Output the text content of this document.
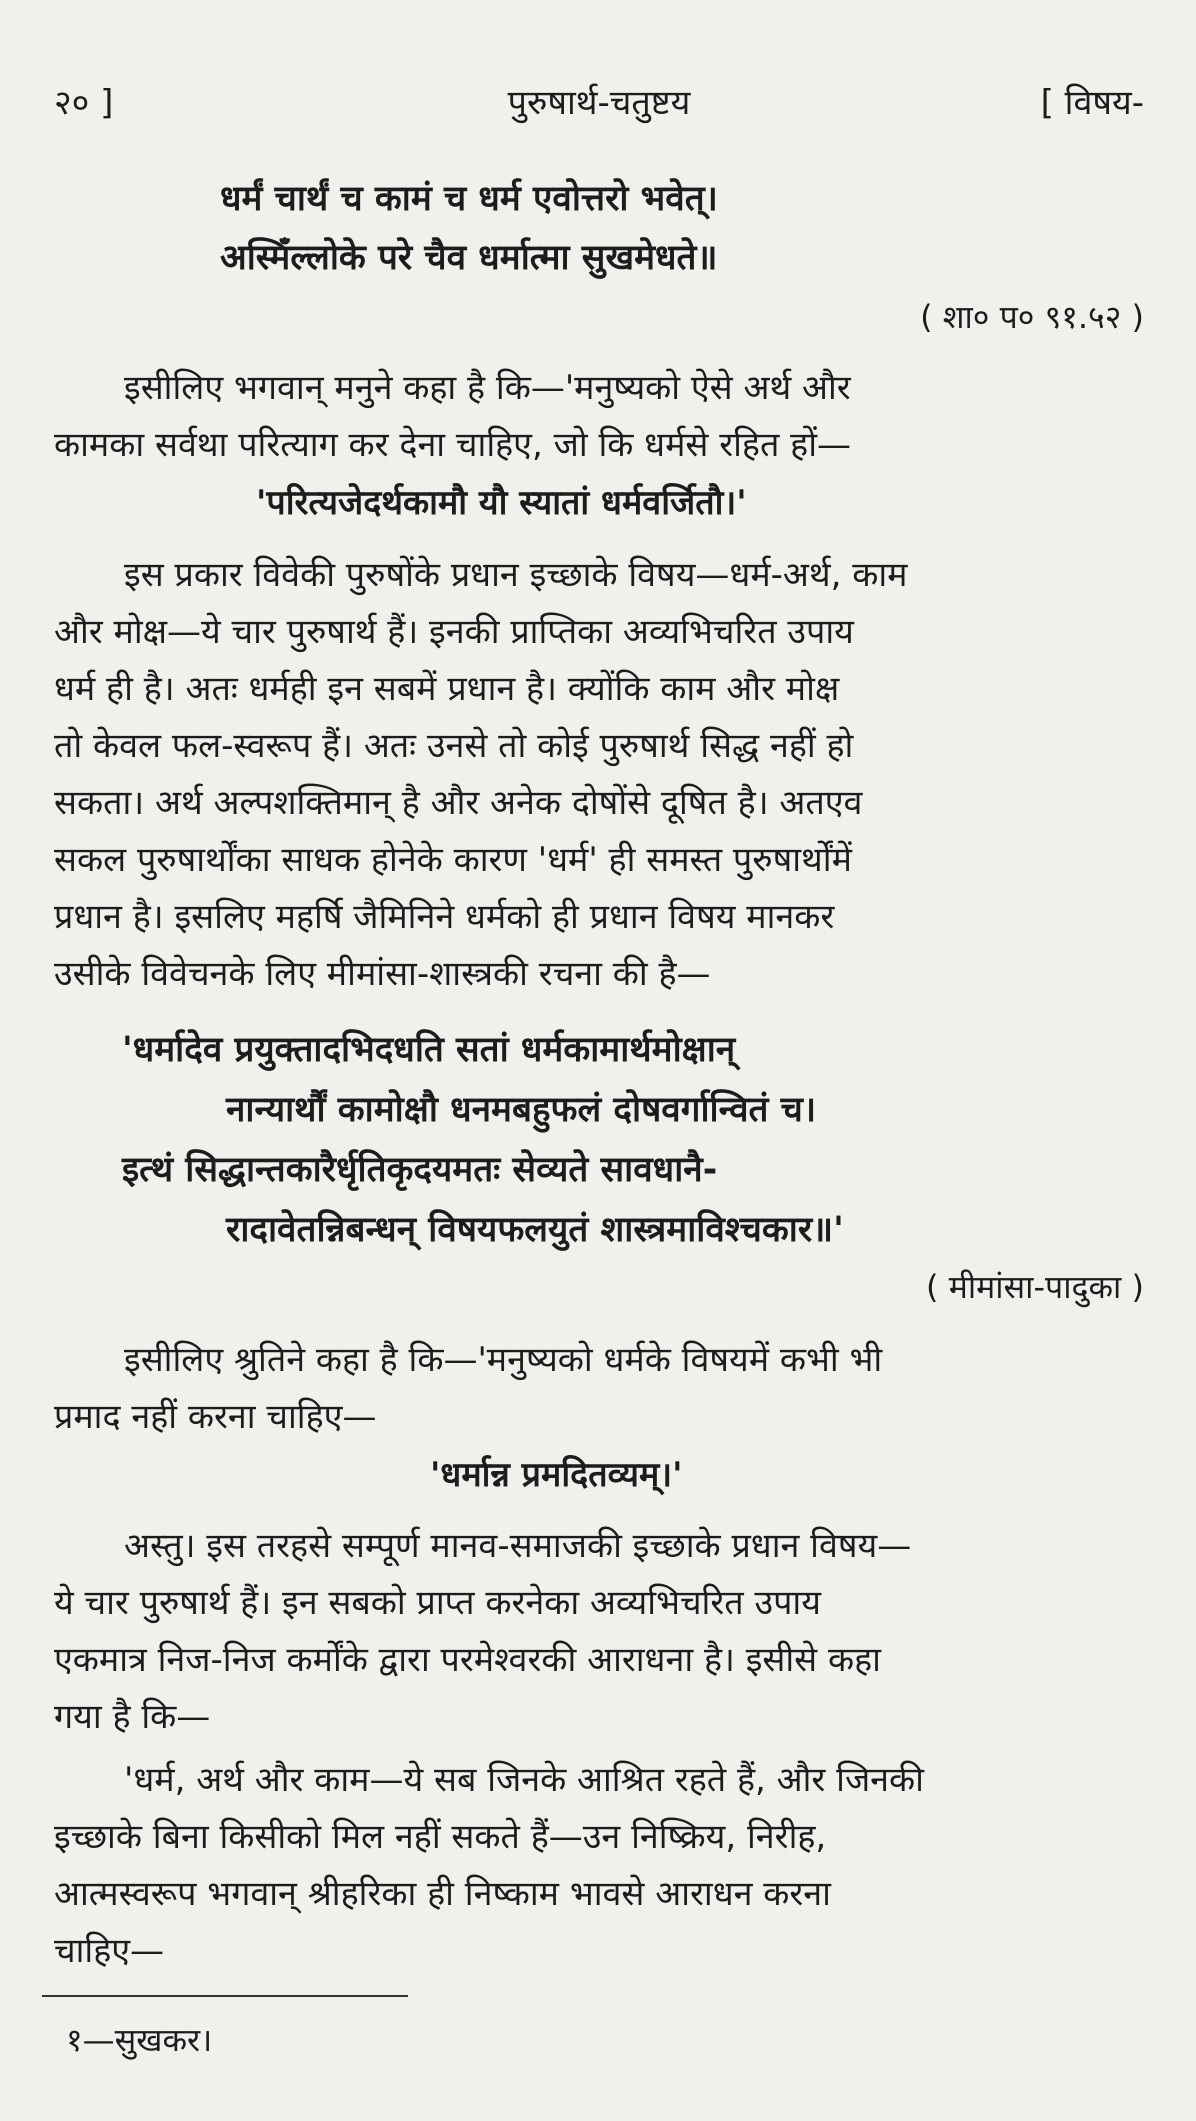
२० ]	पुरुषार्थ-चतुष्टय	[ विषय-
धर्मं चार्थं च कामं च धर्म एवोत्तरो भवेत्।
अस्मिँल्लोके परे चैव धर्मात्मा सुखमेधते॥
( शा० प० ९१.५२ )
इसीलिए भगवान् मनुने कहा है कि—'मनुष्यको ऐसे अर्थ और
कामका सर्वथा परित्याग कर देना चाहिए, जो कि धर्मसे रहित हों—
'परित्यजेदर्थकामौ यौ स्यातां धर्मवर्जितौ।'
इस प्रकार विवेकी पुरुषोंके प्रधान इच्छाके विषय—धर्म-अर्थ, काम
और मोक्ष—ये चार पुरुषार्थ हैं। इनकी प्राप्तिका अव्यभिचरित उपाय
धर्म ही है। अतः धर्मही इन सबमें प्रधान है। क्योंकि काम और मोक्ष
तो केवल फल-स्वरूप हैं। अतः उनसे तो कोई पुरुषार्थ सिद्ध नहीं हो
सकता। अर्थ अल्पशक्तिमान् है और अनेक दोषोंसे दूषित है। अतएव
सकल पुरुषार्थोंका साधक होनेके कारण 'धर्म' ही समस्त पुरुषार्थोंमें
प्रधान है। इसलिए महर्षि जैमिनिने धर्मको ही प्रधान विषय मानकर
उसीके विवेचनके लिए मीमांसा-शास्त्रकी रचना की है—
'धर्मादेव प्रयुक्तादभिदधति सतां धर्मकामार्थमोक्षान्
नान्यार्थौं कामोक्षौ धनमबहुफलं दोषवर्गान्वितं च।
इत्थं सिद्धान्तकारैर्धृतिकृदयमतः सेव्यते सावधानै-
रादावेतन्निबन्धन् विषयफलयुतं शास्त्रमाविश्चकार॥'
( मीमांसा-पादुका )
इसीलिए श्रुतिने कहा है कि—'मनुष्यको धर्मके विषयमें कभी भी
प्रमाद नहीं करना चाहिए—
'धर्मान्न प्रमदितव्यम्।'
अस्तु। इस तरहसे सम्पूर्ण मानव-समाजकी इच्छाके प्रधान विषय—
ये चार पुरुषार्थ हैं। इन सबको प्राप्त करनेका अव्यभिचरित उपाय
एकमात्र निज-निज कर्मोंके द्वारा परमेश्वरकी आराधना है। इसीसे कहा
गया है कि—
'धर्म, अर्थ और काम—ये सब जिनके आश्रित रहते हैं, और जिनकी
इच्छाके बिना किसीको मिल नहीं सकते हैं—उन निष्क्रिय, निरीह,
आत्मस्वरूप भगवान् श्रीहरिका ही निष्काम भावसे आराधन करना
चाहिए—
१—सुखकर।
